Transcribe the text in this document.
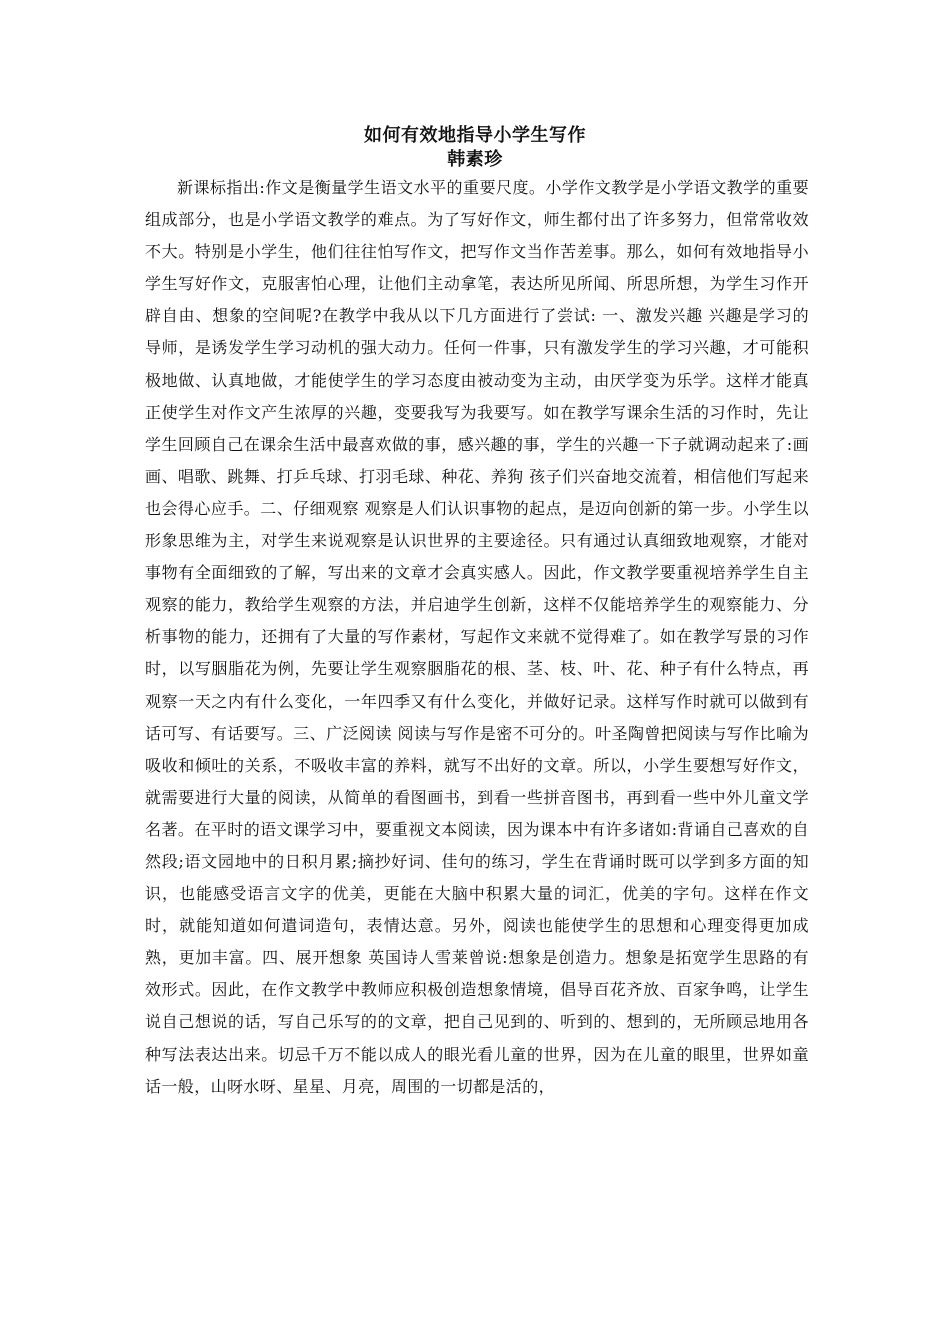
如何有效地指导小学生写作
韩素珍

新课标指出:作文是衡量学生语文水平的重要尺度。小学作文教学是小学语文教学的重要组成部分，也是小学语文教学的难点。为了写好作文，师生都付出了许多努力，但常常收效不大。特别是小学生，他们往往怕写作文，把写作文当作苦差事。那么，如何有效地指导小学生写好作文，克服害怕心理，让他们主动拿笔，表达所见所闻、所思所想，为学生习作开辟自由、想象的空间呢?在教学中我从以下几方面进行了尝试: 一、激发兴趣 兴趣是学习的导师，是诱发学生学习动机的强大动力。任何一件事，只有激发学生的学习兴趣，才可能积极地做、认真地做，才能使学生的学习态度由被动变为主动，由厌学变为乐学。这样才能真正使学生对作文产生浓厚的兴趣，变要我写为我要写。如在教学写课余生活的习作时，先让学生回顾自己在课余生活中最喜欢做的事，感兴趣的事，学生的兴趣一下子就调动起来了:画画、唱歌、跳舞、打乒乓球、打羽毛球、种花、养狗 孩子们兴奋地交流着，相信他们写起来也会得心应手。二、仔细观察 观察是人们认识事物的起点，是迈向创新的第一步。小学生以形象思维为主，对学生来说观察是认识世界的主要途径。只有通过认真细致地观察，才能对事物有全面细致的了解，写出来的文章才会真实感人。因此，作文教学要重视培养学生自主观察的能力，教给学生观察的方法，并启迪学生创新，这样不仅能培养学生的观察能力、分析事物的能力，还拥有了大量的写作素材，写起作文来就不觉得难了。如在教学写景的习作时，以写胭脂花为例，先要让学生观察胭脂花的根、茎、枝、叶、花、种子有什么特点，再观察一天之内有什么变化，一年四季又有什么变化，并做好记录。这样写作时就可以做到有话可写、有话要写。三、广泛阅读 阅读与写作是密不可分的。叶圣陶曾把阅读与写作比喻为吸收和倾吐的关系，不吸收丰富的养料，就写不出好的文章。所以，小学生要想写好作文，就需要进行大量的阅读，从简单的看图画书，到看一些拼音图书，再到看一些中外儿童文学名著。在平时的语文课学习中，要重视文本阅读，因为课本中有许多诸如:背诵自己喜欢的自然段;语文园地中的日积月累;摘抄好词、佳句的练习，学生在背诵时既可以学到多方面的知识，也能感受语言文字的优美，更能在大脑中积累大量的词汇，优美的字句。这样在作文时，就能知道如何遣词造句，表情达意。另外，阅读也能使学生的思想和心理变得更加成熟，更加丰富。四、展开想象 英国诗人雪莱曾说:想象是创造力。想象是拓宽学生思路的有效形式。因此，在作文教学中教师应积极创造想象情境，倡导百花齐放、百家争鸣，让学生说自己想说的话，写自己乐写的的文章，把自己见到的、听到的、想到的，无所顾忌地用各种写法表达出来。切忌千万不能以成人的眼光看儿童的世界，因为在儿童的眼里，世界如童话一般，山呀水呀、星星、月亮，周围的一切都是活的，
